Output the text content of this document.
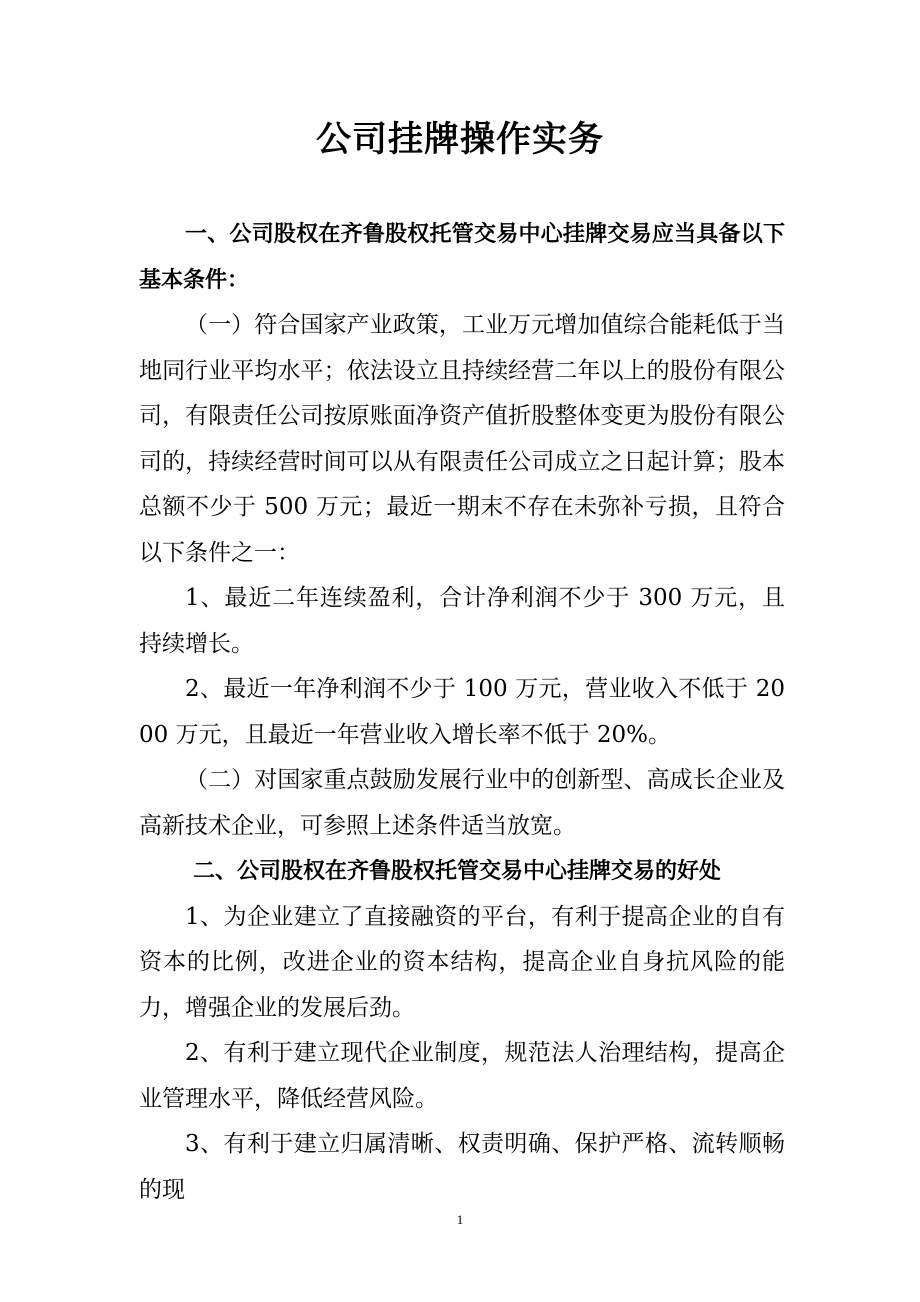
公司挂牌操作实务

一、公司股权在齐鲁股权托管交易中心挂牌交易应当具备以下基本条件：

（一）符合国家产业政策，工业万元增加值综合能耗低于当地同行业平均水平；依法设立且持续经营二年以上的股份有限公司，有限责任公司按原账面净资产值折股整体变更为股份有限公司的，持续经营时间可以从有限责任公司成立之日起计算；股本总额不少于 500 万元；最近一期末不存在未弥补亏损，且符合以下条件之一：

1、最近二年连续盈利，合计净利润不少于 300 万元，且持续增长。

2、最近一年净利润不少于 100 万元，营业收入不低于 2000 万元，且最近一年营业收入增长率不低于 20%。

（二）对国家重点鼓励发展行业中的创新型、高成长企业及高新技术企业，可参照上述条件适当放宽。

二、公司股权在齐鲁股权托管交易中心挂牌交易的好处

1、为企业建立了直接融资的平台，有利于提高企业的自有资本的比例，改进企业的资本结构，提高企业自身抗风险的能力，增强企业的发展后劲。

2、有利于建立现代企业制度，规范法人治理结构，提高企业管理水平，降低经营风险。

3、有利于建立归属清晰、权责明确、保护严格、流转顺畅的现

1
